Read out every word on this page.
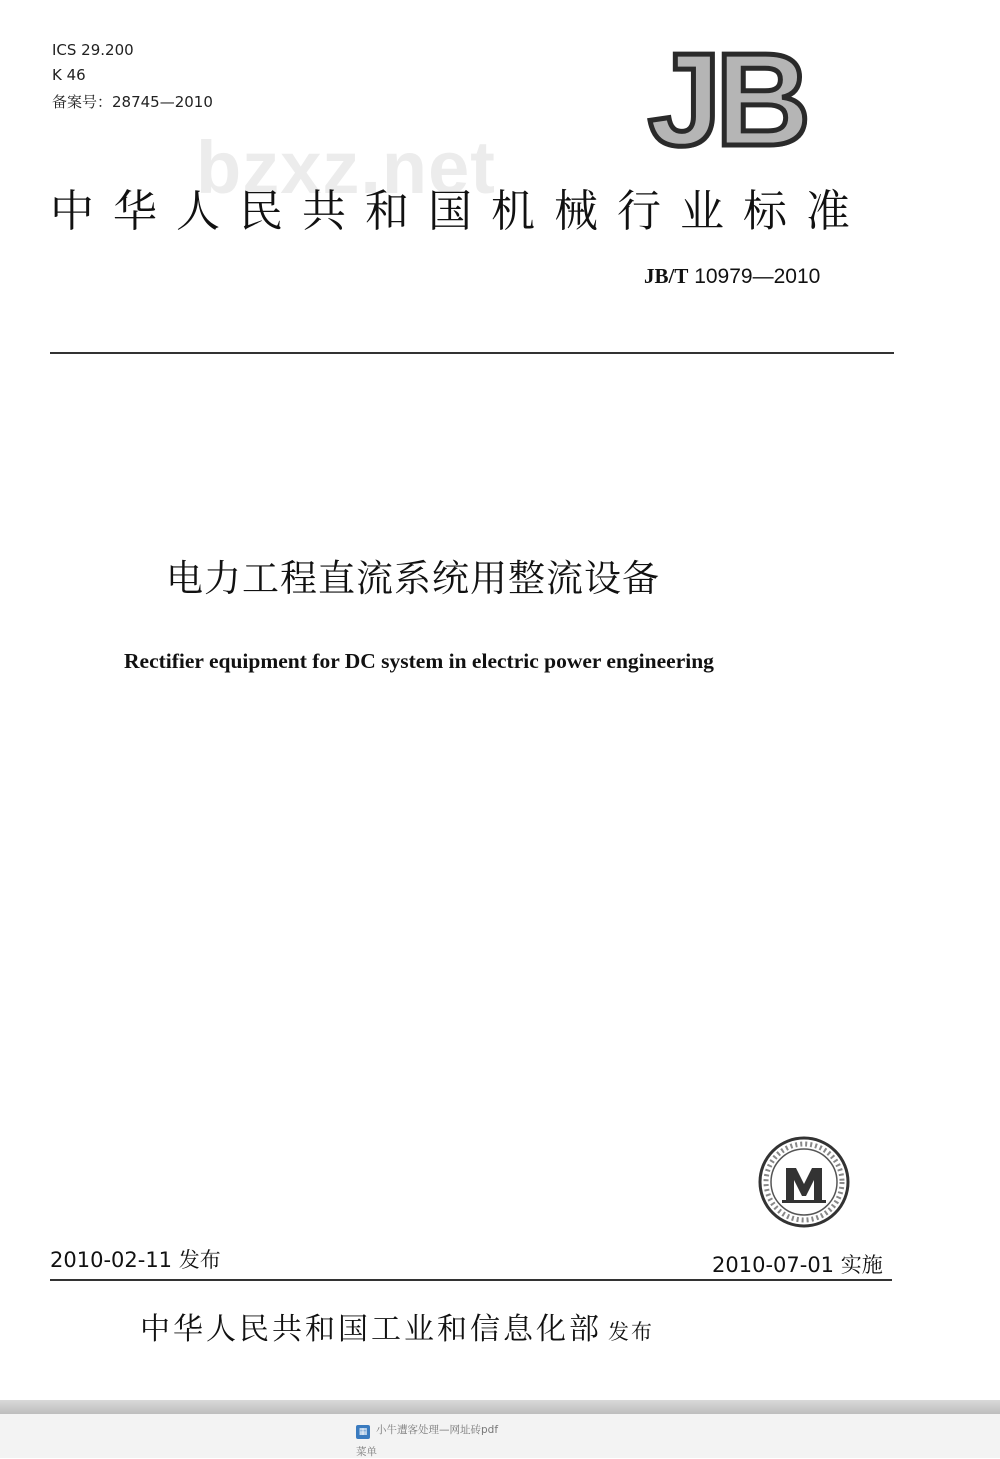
ICS 29.200
K 46
备案号：28745—2010	JB
bzxz.net
中华人民共和国机械行业标准
JB/T 10979—2010
电力工程直流系统用整流设备
Rectifier equipment for DC system in electric power engineering
2010-02-11 发布	2010-07-01 实施
中华人民共和国工业和信息化部 发布
▦ 小牛遭客处理—网址砖pdf
菜单
